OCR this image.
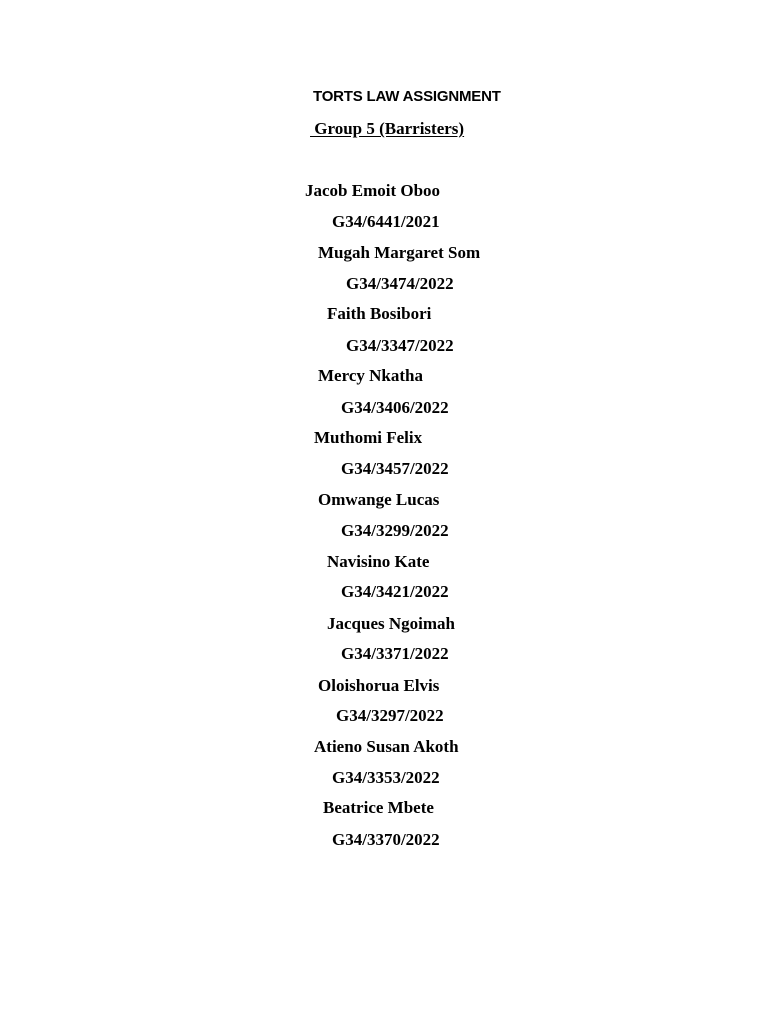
TORTS LAW ASSIGNMENT
Group 5 (Barristers)
Jacob Emoit Oboo
G34/6441/2021
Mugah Margaret Som
G34/3474/2022
Faith Bosibori
G34/3347/2022
Mercy Nkatha
G34/3406/2022
Muthomi Felix
G34/3457/2022
Omwange Lucas
G34/3299/2022
Navisino Kate
G34/3421/2022
Jacques Ngoimah
G34/3371/2022
Oloishorua Elvis
G34/3297/2022
Atieno Susan Akoth
G34/3353/2022
Beatrice Mbete
G34/3370/2022
